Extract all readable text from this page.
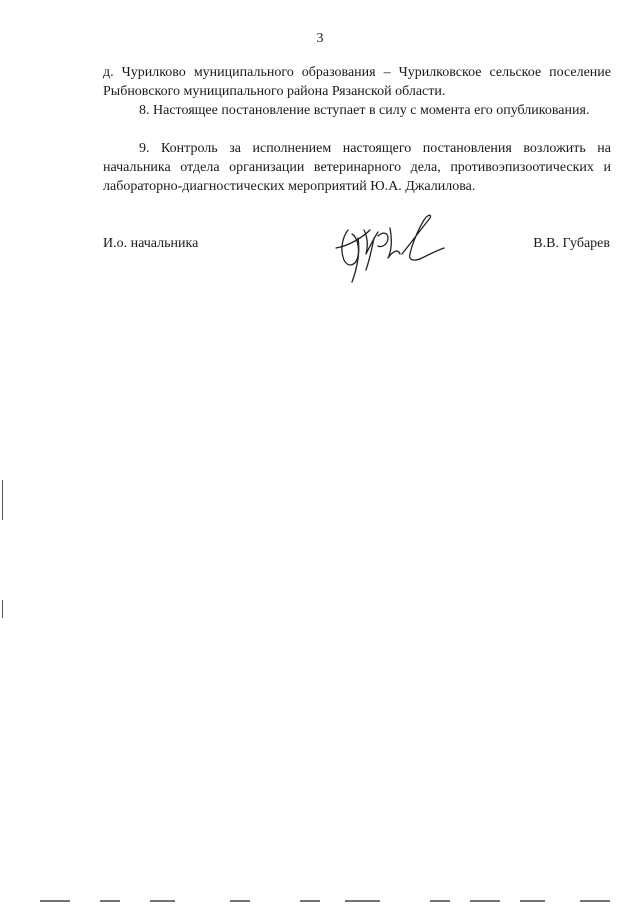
3
д. Чурилково муниципального образования – Чурилковское сельское поселение Рыбновского муниципального района Рязанской области.
8. Настоящее постановление вступает в силу с момента его опубликования.
9. Контроль за исполнением настоящего постановления возложить на начальника отдела организации ветеринарного дела, противоэпизоотических и лабораторно-диагностических мероприятий Ю.А. Джалилова.
И.о. начальника	В.В. Губарев
